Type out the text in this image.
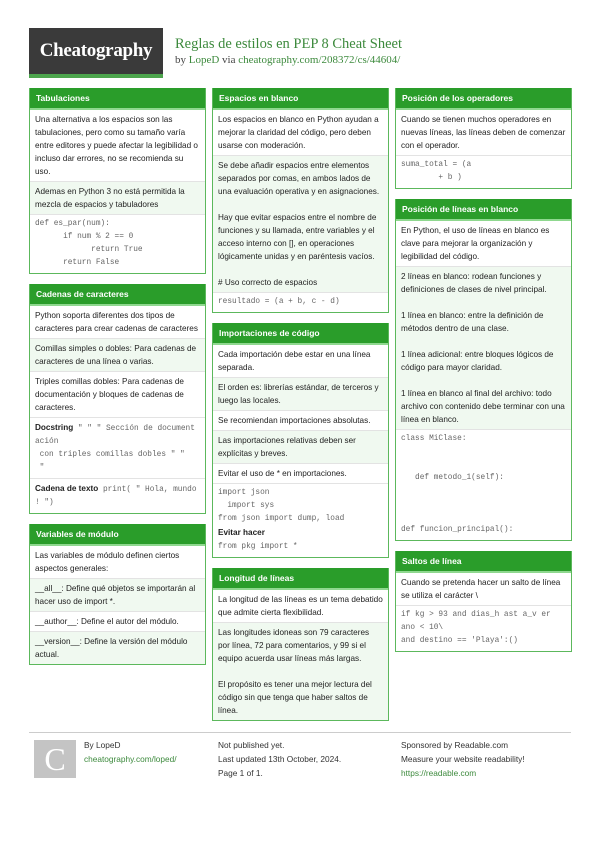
Cheatography	Reglas de estilos en PEP 8 Cheat Sheet
by LopeD via cheatography.com/208372/cs/44604/
Tabulaciones
Una alternativa a los espacios son las tabulaciones, pero como su tamaño varía entre editores y puede afectar la legibilidad o incluso dar errores, no se recomienda su uso.
Ademas en Python 3 no está permitida la mezcla de espacios y tabuladores
def es_par(num):
if num % 2 == 0
return True
return False
Cadenas de caracteres
Python soporta diferentes dos tipos de caracteres para crear cadenas de caracteres
Comillas simples o dobles: Para cadenas de caracteres de una línea o varias.
Triples comillas dobles: Para cadenas de documentación y bloques de cadenas de caracteres.
Docstring " " " Sección de document
ación
con triples comillas dobles " "
"
Cadena de texto print( " Hola, mundo
! ")
Variables de módulo
Las variables de módulo definen ciertos aspectos generales:
__all__: Define qué objetos se importarán al hacer uso de import *.
__author__: Define el autor del módulo.
__version__: Define la versión del módulo actual.
Espacios en blanco
Los espacios en blanco en Python ayudan a mejorar la claridad del código, pero deben usarse con moderación.
Se debe añadir espacios entre elementos separados por comas, en ambos lados de una evaluación operativa y en asignaciones.

Hay que evitar espacios entre el nombre de funciones y su llamada, entre variables y el acceso interno con [], en operaciones lógicamente unidas y en paréntesis vacíos.

# Uso correcto de espacios
resultado = (a + b, c - d)
Importaciones de código
Cada importación debe estar en una línea separada.
El orden es: librerías estándar, de terceros y luego las locales.
Se recomiendan importaciones absolutas.
Las importaciones relativas deben ser explícitas y breves.
Evitar el uso de * en importaciones.
import json
import sys
from json import dump, load
Evitar hacer
from pkg import *
Longitud de líneas
La longitud de las líneas es un tema debatido que admite cierta flexibilidad.
Las longitudes idoneas son 79 caracteres por línea, 72 para comentarios, y 99 si el equipo acuerda usar líneas más largas.

El propósito es tener una mejor lectura del código sin que tenga que haber saltos de línea.
Posición de los operadores
Cuando se tienen muchos operadores en nuevas líneas, las líneas deben de comenzar con el operador.
suma_total = (a
+ b )
Posición de líneas en blanco
En Python, el uso de líneas en blanco es clave para mejorar la organización y legibilidad del código.
2 líneas en blanco: rodean funciones y definiciones de clases de nivel principal.

1 línea en blanco: entre la definición de métodos dentro de una clase.

1 línea adicional: entre bloques lógicos de código para mayor claridad.

1 línea en blanco al final del archivo: todo archivo con contenido debe terminar con una línea en blanco.
class MiClase:

def metodo_1(self):

def funcion_principal():
Saltos de línea
Cuando se pretenda hacer un salto de línea se utiliza el carácter \
if kg > 93 and dias_h ast a_v er
ano < 10\
and destino == 'Playa':()
C	By LopeD
cheatography.com/loped/
Not published yet.
Last updated 13th October, 2024.
Page 1 of 1.
Sponsored by Readable.com
Measure your website readability!
https://readable.com
